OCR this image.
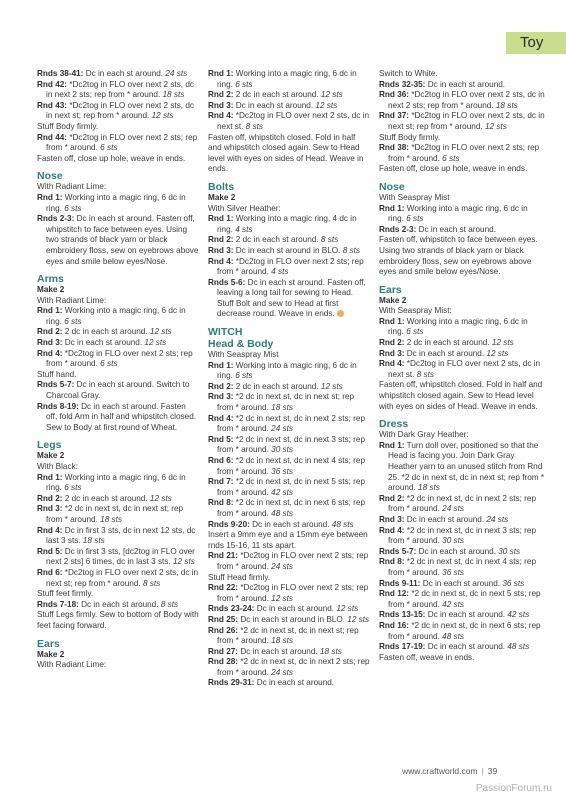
Toy
Rnds 38-41: Dc in each st around. 24 sts
Rnd 42: *Dc2tog in FLO over next 2 sts, dc in next 2 sts; rep from * around. 18 sts
Rnd 43: *Dc2tog in FLO over next 2 sts, dc in next st; rep from * around. 12 sts
Stuff Body firmly.
Rnd 44: *Dc2tog in FLO over next 2 sts; rep from * around. 6 sts
Fasten off, close up hole, weave in ends.
Nose
With Radiant Lime:
Rnd 1: Working into a magic ring, 6 dc in ring. 6 sts
Rnds 2-3: Dc in each st around. Fasten off, whipstitch to face between eyes. Using two strands of black yarn or black embroidery floss, sew on eyebrows above eyes and smile below eyes/Nose.
Arms
Make 2
With Radiant Lime:
Rnd 1: Working into a magic ring, 6 dc in ring. 6 sts
Rnd 2: 2 dc in each st around. 12 sts
Rnd 3: Dc in each st around. 12 sts
Rnd 4: *Dc2tog in FLO over next 2 sts; rep from * around. 6 sts
Stuff hand.
Rnds 5-7: Dc in each st around. Switch to Charcoal Gray.
Rnds 8-19: Dc in each st around. Fasten off, fold Arm in half and whipstitch closed. Sew to Body at first round of Wheat.
Legs
Make 2
With Black:
Rnd 1: Working into a magic ring, 6 dc in ring. 6 sts
Rnd 2: 2 dc in each st around. 12 sts
Rnd 3: *2 dc in next st, dc in next st; rep from * around. 18 sts
Rnd 4: Dc in first 3 sts, dc in next 12 sts, dc last 3 sts. 18 sts
Rnd 5: Dc in first 3 sts, [dc2tog in FLO over next 2 sts] 6 times, dc in last 3 sts. 12 sts
Rnd 6: *Dc2tog in FLO over next 2 sts, dc in next st; rep from * around. 8 sts
Stuff feet firmly.
Rnds 7-18: Dc in each st around. 8 sts
Stuff Legs firmly. Sew to bottom of Body with feet facing forward.
Ears
Make 2
With Radiant Lime:
Rnd 1: Working into a magic ring, 6 dc in ring. 6 sts
Rnd 2: 2 dc in each st around. 12 sts
Rnd 3: Dc in each st around. 12 sts
Rnd 4: *Dc2tog in FLO over next 2 sts, dc in next st. 8 sts
Fasten off, whipstitch closed. Fold in half and whipstitch closed again. Sew to Head level with eyes on sides of Head. Weave in ends.
Bolts
Make 2
With Silver Heather:
Rnd 1: Working into a magic ring, 4 dc in ring. 4 sts
Rnd 2: 2 dc in each st around. 8 sts
Rnd 3: Dc in each st around in BLO. 8 sts
Rnd 4: *Dc2tog in FLO over next 2 sts; rep from * around. 4 sts
Rnds 5-6: Dc in each st around. Fasten off, leaving a long tail for sewing to Head. Stuff Bolt and sew to Head at first decrease round. Weave in ends.
WITCH
Head & Body
With Seaspray Mist
Rnd 1: Working into a magic ring, 6 dc in ring. 6 sts
Rnd 2: 2 dc in each st around. 12 sts
Rnd 3: *2 dc in next st, dc in next st; rep from * around. 18 sts
Rnd 4: *2 dc in next st, dc in next 2 sts; rep from * around. 24 sts
Rnd 5: *2 dc in next st, dc in next 3 sts; rep from * around. 30 sts
Rnd 6: *2 dc in next st, dc in next 4 sts; rep from * around. 36 sts
Rnd 7: *2 dc in next st, dc in next 5 sts; rep from * around. 42 sts
Rnd 8: *2 dc in next st, dc in next 6 sts; rep from * around. 48 sts
Rnds 9-20: Dc in each st around. 48 sts
Insert a 9mm eye and a 15mm eye between rnds 15-16, 11 sts apart.
Rnd 21: *Dc2tog in FLO over next 2 sts; rep from * around. 24 sts
Stuff Head firmly.
Rnd 22: *Dc2tog in FLO over next 2 sts; rep from * around. 12 sts
Rnds 23-24: Dc in each st around. 12 sts
Rnd 25: Dc in each st around in BLO. 12 sts
Rnd 26: *2 dc in next st, dc in next st; rep from * around. 18 sts
Rnd 27: Dc in each st around. 18 sts
Rnd 28: *2 dc in next st, dc in next 2 sts; rep from * around. 24 sts
Rnds 29-31: Dc in each st around.
Switch to White.
Rnds 32-35: Dc in each st around.
Rnd 36: *Dc2tog in FLO over next 2 sts, dc in next 2 sts; rep from * around. 18 sts
Rnd 37: *Dc2tog in FLO over next 2 sts, dc in next st; rep from * around. 12 sts
Stuff Body firmly.
Rnd 38: *Dc2tog in FLO over next 2 sts; rep from * around. 6 sts
Fasten off, close up hole, weave in ends.
Nose
With Seaspray Mist
Rnd 1: Working into a magic ring, 6 dc in ring. 6 sts
Rnds 2-3: Dc in each st around.
Fasten off, whipstitch to face between eyes. Using two strands of black yarn or black embroidery floss, sew on eyebrows above eyes and smile below eyes/Nose.
Ears
Make 2
With Seaspray Mist:
Rnd 1: Working into a magic ring, 6 dc in ring. 6 sts
Rnd 2: 2 dc in each st around. 12 sts
Rnd 3: Dc in each st around. 12 sts
Rnd 4: *Dc2tog in FLO over next 2 sts, dc in next st. 8 sts
Fasten off, whipstitch closed. Fold in half and whipstitch closed again. Sew to Head level with eyes on sides of Head. Weave in ends.
Dress
With Dark Gray Heather:
Rnd 1: Turn doll over, positioned so that the Head is facing you. Join Dark Gray Heather yarn to an unused stitch from Rnd 25. *2 dc in next st, dc in next st; rep from * around. 18 sts
Rnd 2: *2 dc in next st, dc in next 2 sts; rep from * around. 24 sts
Rnd 3: Dc in each st around. 24 sts
Rnd 4: *2 dc in next st, dc in next 3 sts; rep from * around. 30 sts
Rnds 5-7: Dc in each st around. 30 sts
Rnd 8: *2 dc in next st, dc in next 4 sts; rep from * around. 36 sts
Rnds 9-11: Dc in each st around. 36 sts
Rnd 12: *2 dc in next st, dc in next 5 sts; rep from * around. 42 sts
Rnds 13-15: Dc in each st around. 42 sts
Rnd 16: *2 dc in next st, dc in next 6 sts; rep from * around. 48 sts
Rnds 17-19: Dc in each st around. 48 sts
Fasten off, weave in ends.
www.craftworld.com | 39
PassionForum.ru
